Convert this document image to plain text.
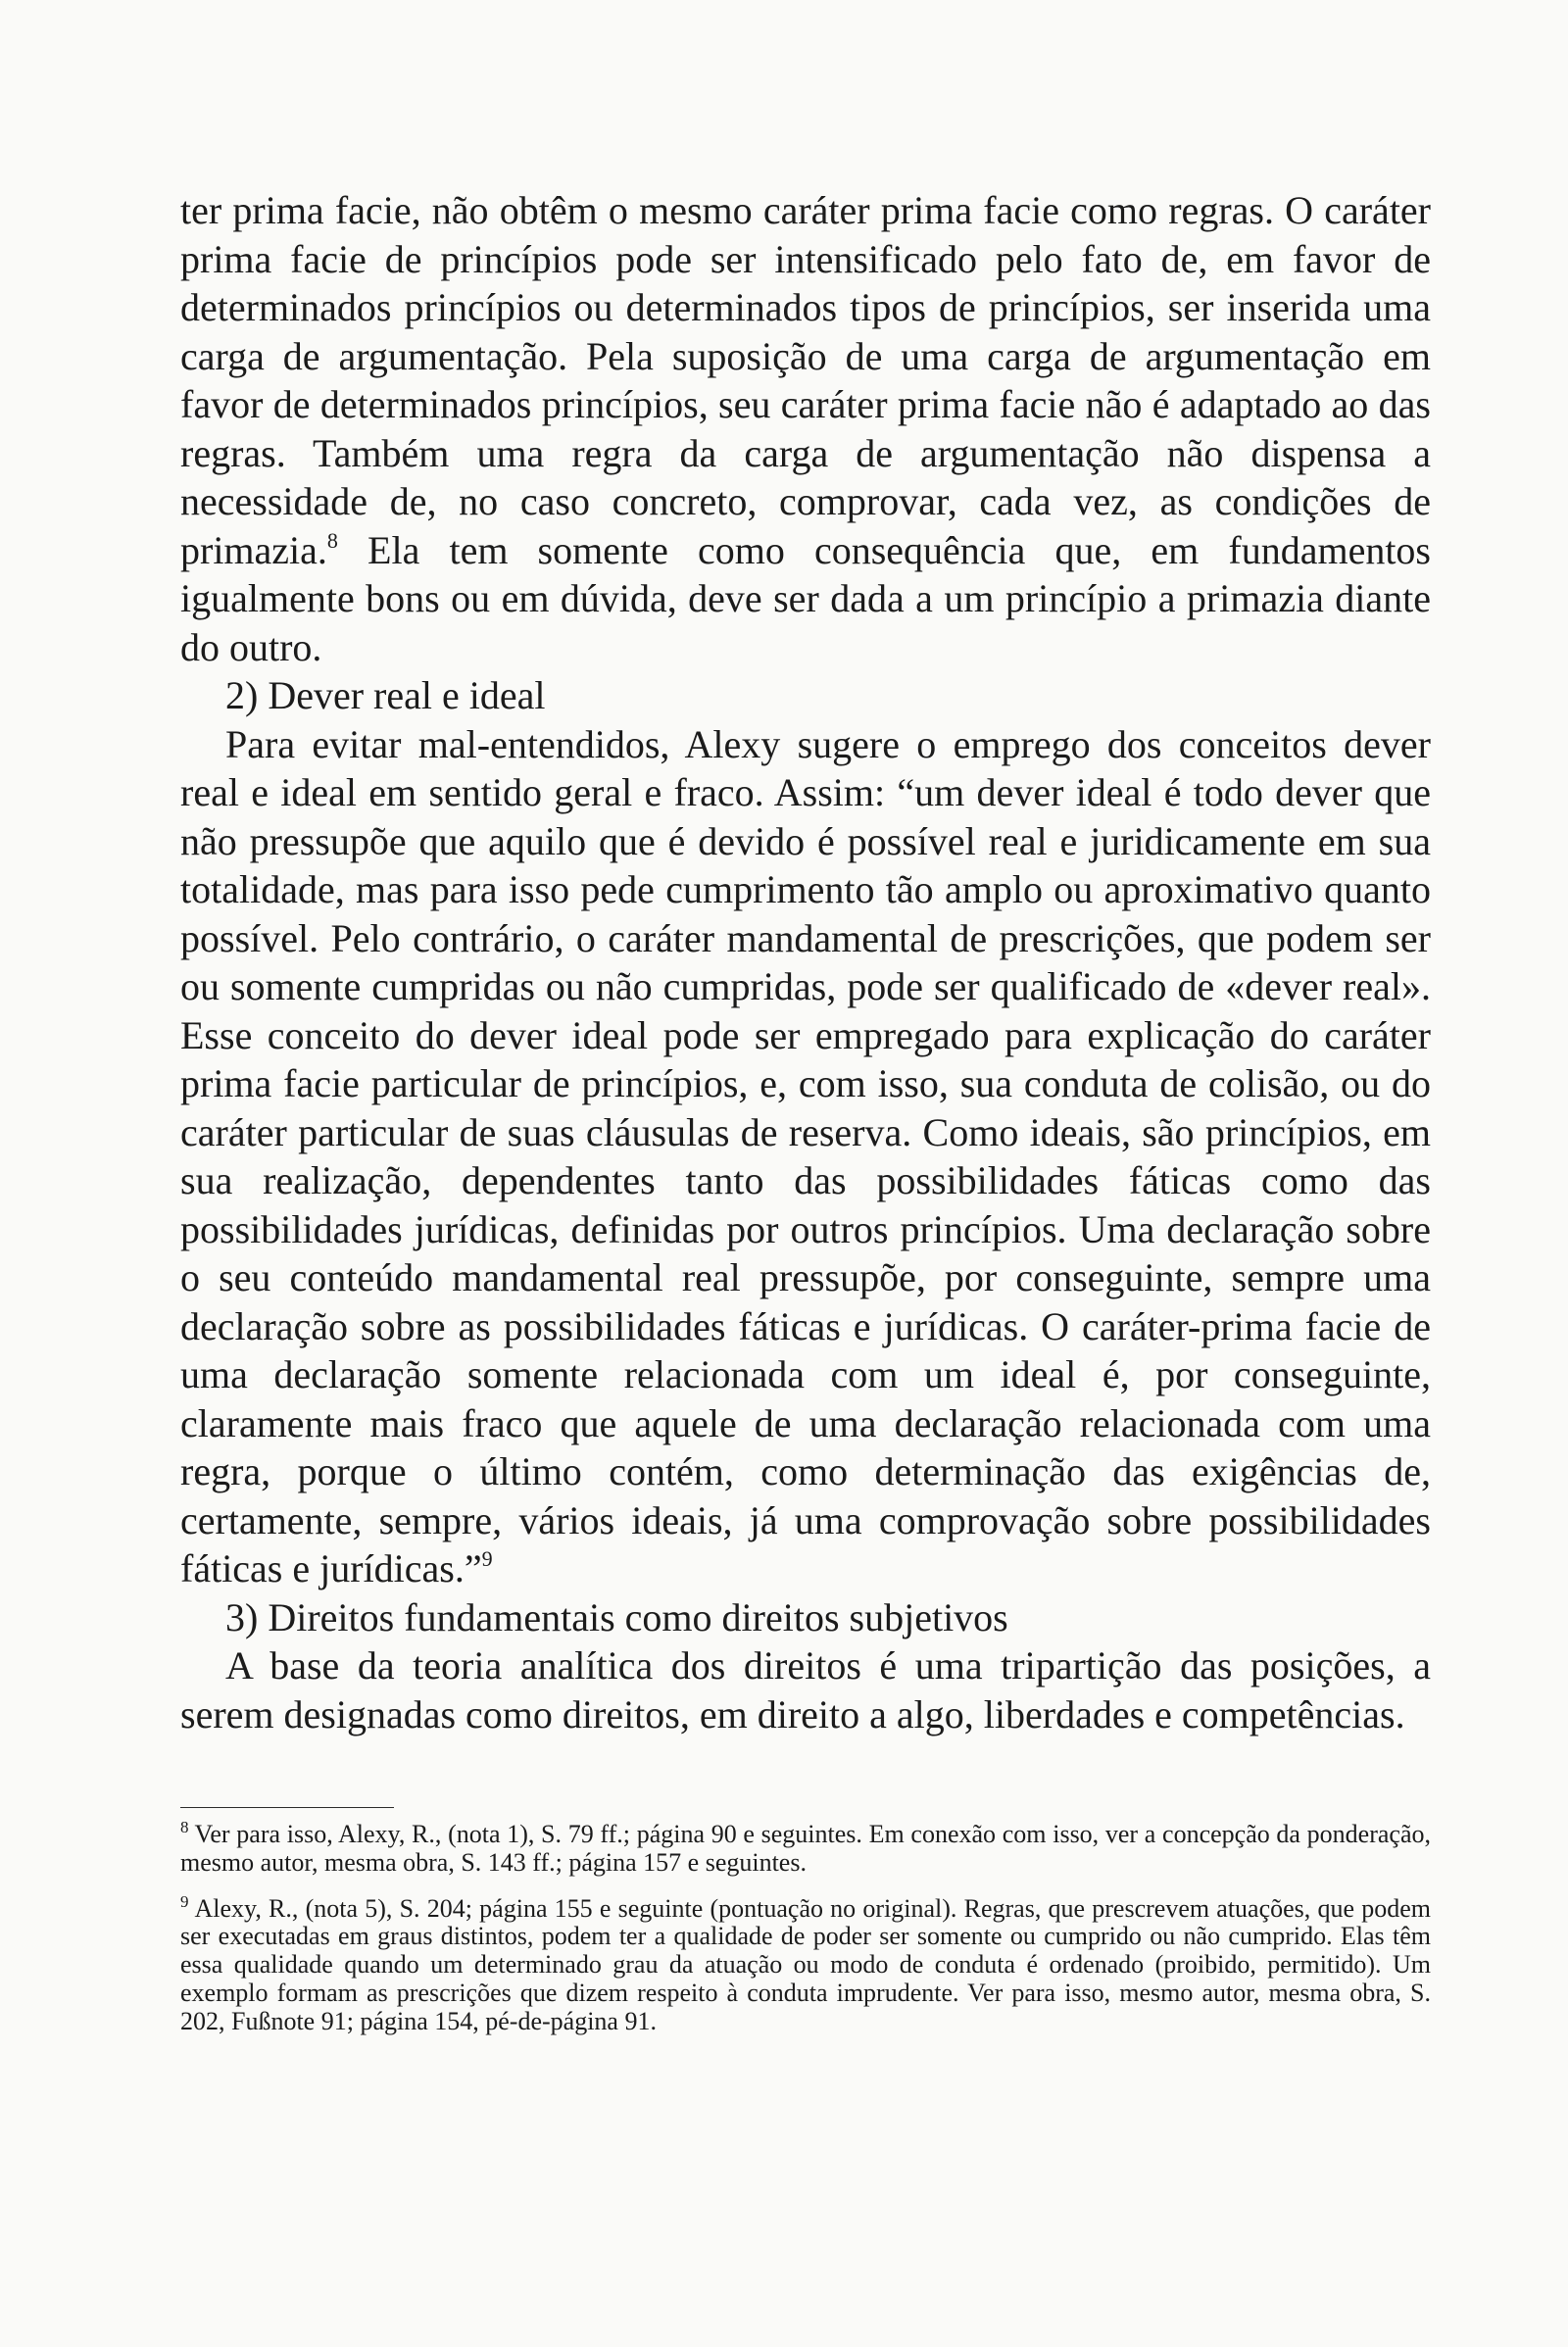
ter prima facie, não obtêm o mesmo caráter prima facie como regras. O caráter prima facie de princípios pode ser intensificado pelo fato de, em favor de determinados princípios ou determinados tipos de princípios, ser inserida uma carga de argumentação. Pela suposição de uma carga de argumentação em favor de determinados princípios, seu caráter prima facie não é adaptado ao das regras. Também uma regra da carga de argumentação não dispensa a necessidade de, no caso concreto, comprovar, cada vez, as condições de primazia.$^8$ Ela tem somente como consequência que, em fundamentos igualmente bons ou em dúvida, deve ser dada a um princípio a primazia diante do outro.

2) Dever real e ideal

Para evitar mal-entendidos, Alexy sugere o emprego dos conceitos dever real e ideal em sentido geral e fraco. Assim: “um dever ideal é todo dever que não pressupõe que aquilo que é devido é possível real e juridicamente em sua totalidade, mas para isso pede cumprimento tão amplo ou aproximativo quanto possível. Pelo contrário, o caráter mandamental de prescrições, que podem ser ou somente cumpridas ou não cumpridas, pode ser qualificado de «dever real». Esse conceito do dever ideal pode ser empregado para explicação do caráter prima facie particular de princípios, e, com isso, sua conduta de colisão, ou do caráter particular de suas cláusulas de reserva. Como ideais, são princípios, em sua realização, dependentes tanto das possibilidades fáticas como das possibilidades jurídicas, definidas por outros princípios. Uma declaração sobre o seu conteúdo mandamental real pressupõe, por conseguinte, sempre uma declaração sobre as possibilidades fáticas e jurídicas. O caráter-prima facie de uma declaração somente relacionada com um ideal é, por conseguinte, claramente mais fraco que aquele de uma declaração relacionada com uma regra, porque o último contém, como determinação das exigências de, certamente, sempre, vários ideais, já uma comprovação sobre possibilidades fáticas e jurídicas.”$^9$

3) Direitos fundamentais como direitos subjetivos

A base da teoria analítica dos direitos é uma tripartição das posições, a serem designadas como direitos, em direito a algo, liberdades e competências.

$^8$ Ver para isso, Alexy, R., (nota 1), S. 79 ff.; página 90 e seguintes. Em conexão com isso, ver a concepção da ponderação, mesmo autor, mesma obra, S. 143 ff.; página 157 e seguintes.

$^9$ Alexy, R., (nota 5), S. 204; página 155 e seguinte (pontuação no original). Regras, que prescrevem atuações, que podem ser executadas em graus distintos, podem ter a qualidade de poder ser somente ou cumprido ou não cumprido. Elas têm essa qualidade quando um determinado grau da atuação ou modo de conduta é ordenado (proibido, permitido). Um exemplo formam as prescrições que dizem respeito à conduta imprudente. Ver para isso, mesmo autor, mesma obra, S. 202, Fußnote 91; página 154, pé-de-página 91.
